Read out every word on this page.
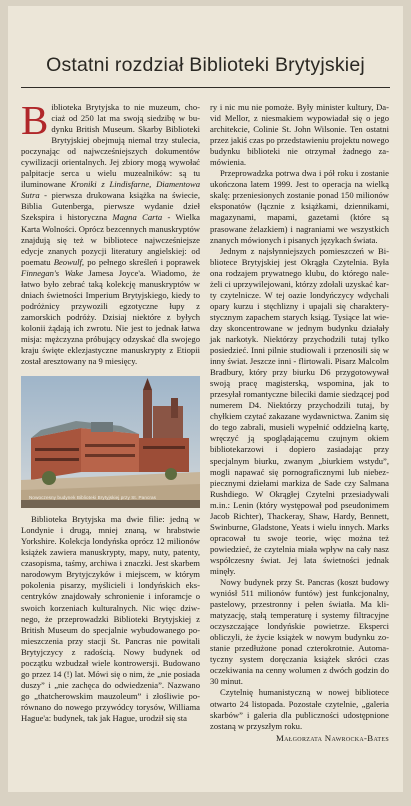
Ostatni rozdział Biblioteki Brytyjskiej

Biblioteka Brytyjska to nie muzeum, chociaż od 250 lat ma swoją siedzibę w budynku British Museum. Skarby Biblioteki Brytyjskiej obejmują niemal trzy stulecia, poczynając od najwcześniejszych dokumentów cywilizacji orientalnych. Jej zbiory mogą wywołać palpitacje serca u wielu muzealników: są tu iluminowane Kroniki z Lindisfarne, Diamentowa Sutra - pierwsza drukowana książka na świecie, Biblia Gutenberga, pierwsze wydanie dzieł Szekspira i historyczna Magna Carta - Wielka Karta Wolności. Oprócz bezcennych manuskryptów znajdują się też w bibliotece najwcześniejsze edycje znanych pozycji literatury angielskiej: od poematu Beowulf, po pełnego skreśleń i poprawek Finnegan's Wake Jamesa Joyce'a. Wiadomo, że łatwo było zebrać taką kolekcję manuskryptów w dniach świetności Imperium Brytyjskiego, kiedy to podróżnicy przywozili egzotyczne łupy z zamorskich podróży. Dzisiaj niektóre z byłych kolonii żądają ich zwrotu. Nie jest to jednak łatwa misja: mężczyzna próbujący odzyskać dla swojego kraju święte eklezjastyczne manuskrypty z Etiopii został aresztowany na 9 miesięcy.

Nowoczesny budynek Biblioteki Brytyjskiej przy St. Pancras

Biblioteka Brytyjska ma dwie filie: jedną w Londynie i drugą, mniej znaną, w hrabstwie Yorkshire. Kolekcja londyńska oprócz 12 milionów książek zawiera manuskrypty, mapy, nuty, patenty, czasopisma, taśmy, archiwa i znaczki. Jest skarbem narodowym Brytyjczyków i miejscem, w którym pokolenia pisarzy, myślicieli i londyńskich ekscentryków znajdowały schronienie i inforamcje o swoich korzeniach kulturalnych. Nic więc dziwnego, że przeprowadzki Biblioteki Brytyjskiej z British Museum do specjalnie wybudowanego pomieszczenia przy stacji St. Pancras nie powitali Brytyjczycy z radością. Nowy budynek od początku wzbudzał wiele kontrowersji. Budowano go przez 14 (!) lat. Mówi się o nim, że „nie posiada duszy” i „nie zachęca do odwiedzenia”. Nazwano go „thatcherowskim mauzoleum” i złośliwie porównano do nowego przywódcy torysów, Williama Hague'a: budynek, tak jak Hague, urodził się sta

ry i nic mu nie pomoże. Były minister kultury, David Mellor, z niesmakiem wypowiadał się o jego architekcie, Colinie St. John Wilsonie. Ten ostatni przez jakiś czas po przedstawieniu projektu nowego budynku biblioteki nie otrzymał żadnego zamówienia.

Przeprowadzka potrwa dwa i pół roku i zostanie ukończona latem 1999. Jest to operacja na wielką skalę: przeniesionych zostanie ponad 150 milionów eksponatów (łącznie z książkami, dziennikami, magazynami, mapami, gazetami (które są prasowane żelazkiem) i nagraniami we wszystkich znanych mówionych i pisanych językach świata.

Jednym z najsłynniejszych pomieszczeń w Bibliotece Brytyjskiej jest Okrągła Czytelnia. Była ona rodzajem prywatnego klubu, do którego należeli ci uprzywilejowani, którzy zdołali uzyskać karty czytelnicze. W tej oazie londyńczycy wdychali opary kurzu i stęchlizny i upajali się charakterystycznym zapachem starych ksiąg. Tysiące lat wiedzy skoncentrowane w jednym budynku działały jak narkotyk. Niektórzy przychodzili tutaj tylko posiedzieć. Inni pilnie studiowali i przenosili się w inny świat. Jeszcze inni - flirtowali. Pisarz Malcolm Bradbury, który przy biurku D6 przygotowywał swoją pracę magisterską, wspomina, jak to przesyłał romantyczne bileciki damie siedzącej pod numerem D4. Niektórzy przychodzili tutaj, by chyłkiem czytać zakazane wydawnictwa. Zanim się do tego zabrali, musieli wypełnić oddzielną kartę, wręczyć ją spoglądającemu czujnym okiem bibliotekarzowi i dopiero zasiadając przy specjalnym biurku, zwanym „biurkiem wstydu”, mogli napawać się pornograficznymi lub niebezpiecznymi dziełami markiza de Sade czy Salmana Rushdiego. W Okrągłej Czytelni przesiadywali m.in.: Lenin (który występował pod pseudonimem Jacob Richter), Thackeray, Shaw, Hardy, Bennett, Swinburne, Gladstone, Yeats i wielu innych. Marks opracował tu swoje teorie, więc można też powiedzieć, że czytelnia miała wpływ na cały nasz współczesny świat. Jej lata świetności jednak minęły.

Nowy budynek przy St. Pancras (koszt budowy wyniósł 511 milionów funtów) jest funkcjonalny, pastelowy, przestronny i pełen światła. Ma klimatyzację, stałą temperaturę i systemy filtracyjne oczyszczające londyńskie powietrze. Eksperci obliczyli, że życie książek w nowym budynku zostanie przedłużone ponad czterokrotnie. Automatyczny system doręczania książek skróci czas oczekiwania na cenny wolumen z dwóch godzin do 30 minut.

Czytelnię humanistyczną w nowej bibliotece otwarto 24 listopada. Pozostałe czytelnie, „galeria skarbów” i galeria dla publiczności udostępnione zostaną w przyszłym roku.

Małgorzata Nawrocka-Bates
